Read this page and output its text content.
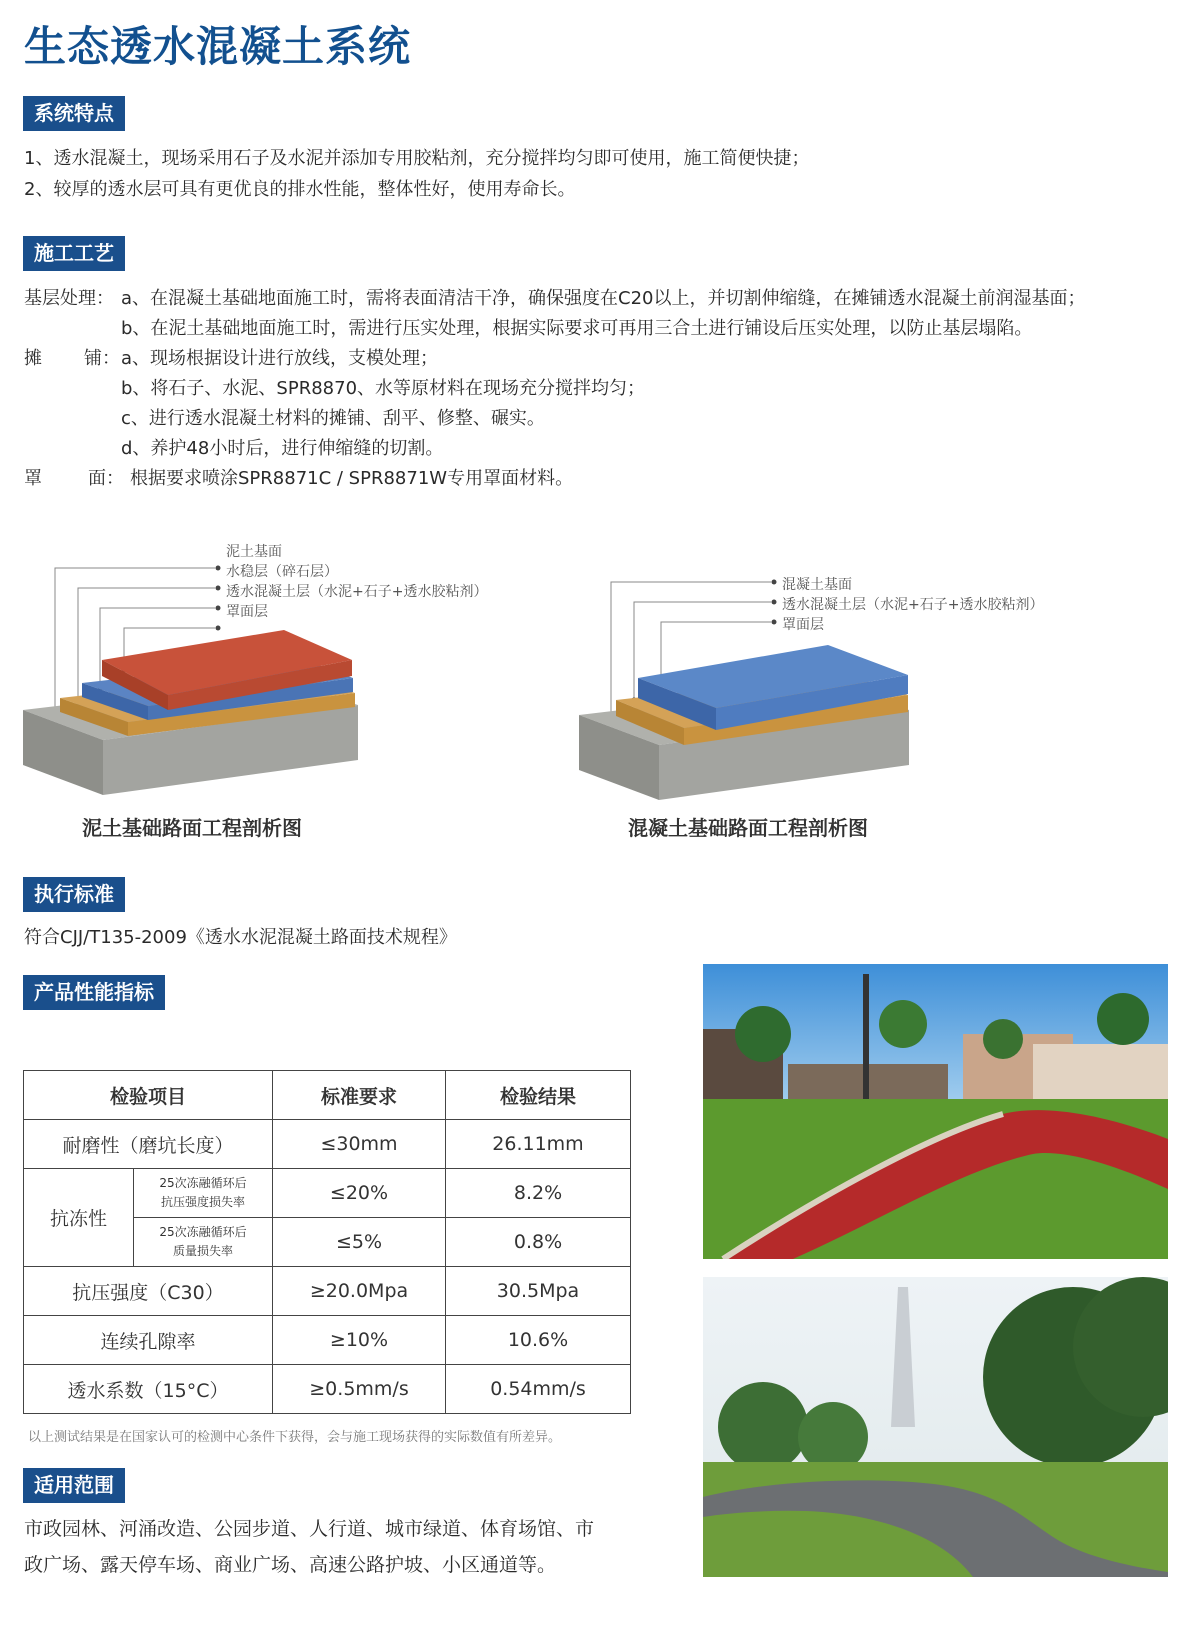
生态透水混凝土系统
系统特点
1、透水混凝土，现场采用石子及水泥并添加专用胶粘剂，充分搅拌均匀即可使用，施工简便快捷；
2、较厚的透水层可具有更优良的排水性能，整体性好，使用寿命长。
施工工艺
基层处理： a、在混凝土基础地面施工时，需将表面清洁干净，确保强度在C20以上，并切割伸缩缝，在摊铺透水混凝土前润湿基面；
b、在泥土基础地面施工时，需进行压实处理，根据实际要求可再用三合土进行铺设后压实处理，以防止基层塌陷。
摊 铺： a、现场根据设计进行放线，支模处理；
b、将石子、水泥、SPR8870、水等原材料在现场充分搅拌均匀；
c、进行透水混凝土材料的摊铺、刮平、修整、碾实。
d、养护48小时后，进行伸缩缝的切割。
罩	面： 根据要求喷涂SPR8871C / SPR8871W专用罩面材料。
泥土基面
水稳层（碎石层）
透水混凝土层（水泥+石子+透水胶粘剂）
罩面层
泥土基础路面工程剖析图
混凝土基面
透水混凝土层（水泥+石子+透水胶粘剂）
罩面层
混凝土基础路面工程剖析图
执行标准
符合CJJ/T135-2009《透水水泥混凝土路面技术规程》
产品性能指标
检验项目		标准要求	检验结果
耐磨性（磨坑长度）		≤30mm	26.11mm
抗冻性	25次冻融循环后
抗压强度损失率	≤20%	8.2%
	25次冻融循环后
质量损失率	≤5%	0.8%
抗压强度（C30）		≥20.0Mpa	30.5Mpa
连续孔隙率		≥10%	10.6%
透水系数（15°C）		≥0.5mm/s	0.54mm/s
以上测试结果是在国家认可的检测中心条件下获得，会与施工现场获得的实际数值有所差异。
适用范围
市政园林、河涌改造、公园步道、人行道、城市绿道、体育场馆、市
政广场、露天停车场、商业广场、高速公路护坡、小区通道等。
